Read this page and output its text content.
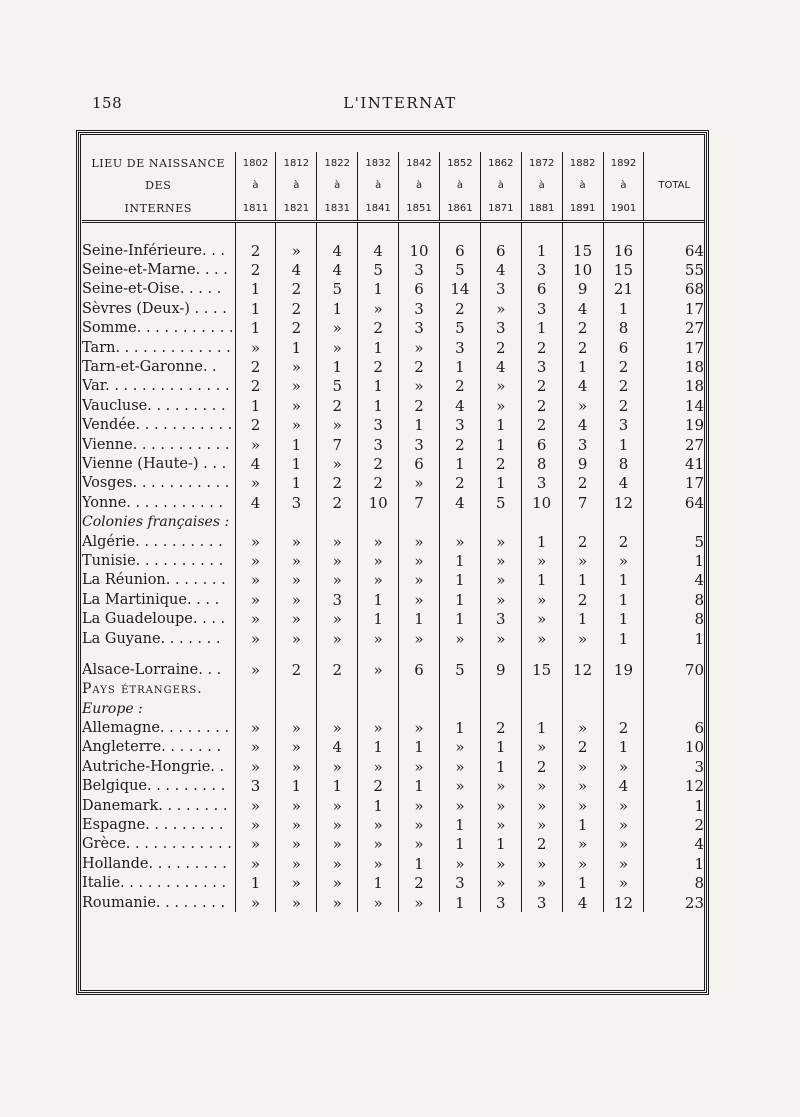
158	L'INTERNAT
LIEU DE NAISSANCE	1802	1812	1822	1832	1842	1852	1862	1872	1882	1892	
DES	à	à	à	à	à	à	à	à	à	à	TOTAL
INTERNES	1811	1821	1831	1841	1851	1861	1871	1881	1891	1901	

Seine-Inférieure. . .	2	»	4	4	10	6	6	1	15	16	64
Seine-et-Marne. . . .	2	4	4	5	3	5	4	3	10	15	55
Seine-et-Oise. . . . .	1	2	5	1	6	14	3	6	9	21	68
Sèvres (Deux-) . . . .	1	2	1	»	3	2	»	3	4	1	17
Somme. . . . . . . . . . .	1	2	»	2	3	5	3	1	2	8	27
Tarn. . . . . . . . . . . . .	»	1	»	1	»	3	2	2	2	6	17
Tarn-et-Garonne. .	2	»	1	2	2	1	4	3	1	2	18
Var. . . . . . . . . . . . . .	2	»	5	1	»	2	»	2	4	2	18
Vaucluse. . . . . . . . .	1	»	2	1	2	4	»	2	»	2	14
Vendée. . . . . . . . . . .	2	»	»	3	1	3	1	2	4	3	19
Vienne. . . . . . . . . . .	»	1	7	3	3	2	1	6	3	1	27
Vienne (Haute-) . . .	4	1	»	2	6	1	2	8	9	8	41
Vosges. . . . . . . . . . .	»	1	2	2	»	2	1	3	2	4	17
Yonne. . . . . . . . . . .	4	3	2	10	7	4	5	10	7	12	64
Colonies françaises :											
Algérie. . . . . . . . . .	»	»	»	»	»	»	»	1	2	2	5
Tunisie. . . . . . . . . .	»	»	»	»	»	1	»	»	»	»	1
La Réunion. . . . . . .	»	»	»	»	»	1	»	1	1	1	4
La Martinique. . . .	»	»	3	1	»	1	»	»	2	1	8
La Guadeloupe. . . .	»	»	»	1	1	1	3	»	1	1	8
La Guyane. . . . . . .	»	»	»	»	»	»	»	»	»	1	1

Alsace-Lorraine. . .	»	2	2	»	6	5	9	15	12	19	70
Pays étrangers.											
Europe :											
Allemagne. . . . . . . .	»	»	»	»	»	1	2	1	»	2	6
Angleterre. . . . . . .	»	»	4	1	1	»	1	»	2	1	10
Autriche-Hongrie. .	»	»	»	»	»	»	1	2	»	»	3
Belgique. . . . . . . . .	3	1	1	2	1	»	»	»	»	4	12
Danemark. . . . . . . .	»	»	»	1	»	»	»	»	»	»	1
Espagne. . . . . . . . .	»	»	»	»	»	1	»	»	1	»	2
Grèce. . . . . . . . . . . .	»	»	»	»	»	1	1	2	»	»	4
Hollande. . . . . . . . .	»	»	»	»	1	»	»	»	»	»	1
Italie. . . . . . . . . . . .	1	»	»	1	2	3	»	»	1	»	8
Roumanie. . . . . . . .	»	»	»	»	»	1	3	3	4	12	23
